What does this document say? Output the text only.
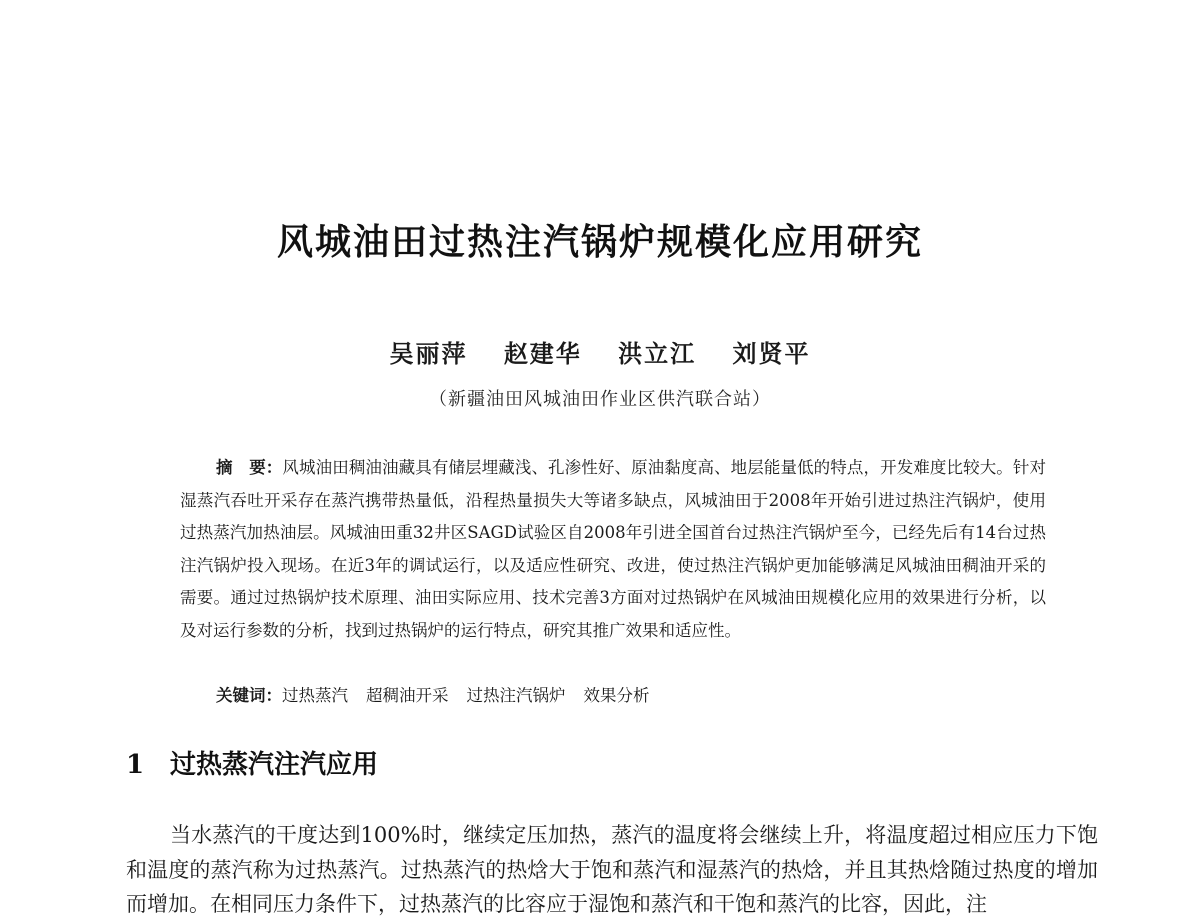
风城油田过热注汽锅炉规模化应用研究
吴丽萍 赵建华 洪立江 刘贤平
（新疆油田风城油田作业区供汽联合站）

摘　要：风城油田稠油油藏具有储层埋藏浅、孔渗性好、原油黏度高、地层能量低的特点，开发难度比较大。针对湿蒸汽吞吐开采存在蒸汽携带热量低，沿程热量损失大等诸多缺点，风城油田于2008年开始引进过热注汽锅炉，使用过热蒸汽加热油层。风城油田重32井区SAGD试验区自2008年引进全国首台过热注汽锅炉至今，已经先后有14台过热注汽锅炉投入现场。在近3年的调试运行，以及适应性研究、改进，使过热注汽锅炉更加能够满足风城油田稠油开采的需要。通过过热锅炉技术原理、油田实际应用、技术完善3方面对过热锅炉在风城油田规模化应用的效果进行分析，以及对运行参数的分析，找到过热锅炉的运行特点，研究其推广效果和适应性。

关键词：过热蒸汽 超稠油开采 过热注汽锅炉 效果分析
1 过热蒸汽注汽应用

当水蒸汽的干度达到100%时，继续定压加热，蒸汽的温度将会继续上升，将温度超过相应压力下饱和温度的蒸汽称为过热蒸汽。过热蒸汽的热焓大于饱和蒸汽和湿蒸汽的热焓，并且其热焓随过热度的增加而增加。在相同压力条件下，过热蒸汽的比容应于湿饱和蒸汽和干饱和蒸汽的比容，因此，注
